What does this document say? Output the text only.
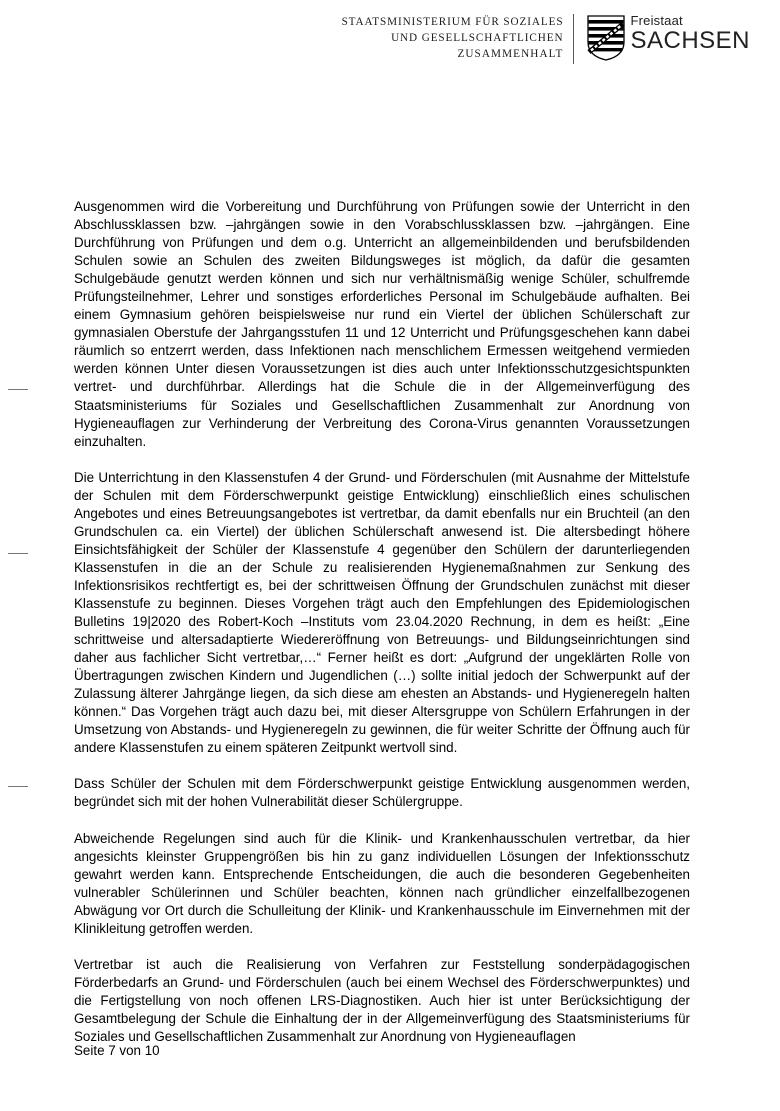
STAATSMINISTERIUM FÜR SOZIALES
UND GESELLSCHAFTLICHEN
ZUSAMMENHALT
Freistaat
SACHSEN

Ausgenommen wird die Vorbereitung und Durchführung von Prüfungen sowie der Unterricht in den Abschlussklassen bzw. –jahrgängen sowie in den Vorabschlussklassen bzw. –jahrgängen. Eine Durchführung von Prüfungen und dem o.g. Unterricht an allgemeinbildenden und berufsbildenden Schulen sowie an Schulen des zweiten Bildungsweges ist möglich, da dafür die gesamten Schulgebäude genutzt werden können und sich nur verhältnismäßig wenige Schüler, schulfremde Prüfungsteilnehmer, Lehrer und sonstiges erforderliches Personal im Schulgebäude aufhalten. Bei einem Gymnasium gehören beispielsweise nur rund ein Viertel der üblichen Schülerschaft zur gymnasialen Oberstufe der Jahrgangsstufen 11 und 12 Unterricht und Prüfungsgeschehen kann dabei räumlich so entzerrt werden, dass Infektionen nach menschlichem Ermessen weitgehend vermieden werden können Unter diesen Voraussetzungen ist dies auch unter Infektionsschutzgesichtspunkten vertret- und durchführbar. Allerdings hat die Schule die in der Allgemeinverfügung des Staatsministeriums für Soziales und Gesellschaftlichen Zusammenhalt zur Anordnung von Hygieneauflagen zur Verhinderung der Verbreitung des Corona-Virus genannten Voraussetzungen einzuhalten.

Die Unterrichtung in den Klassenstufen 4 der Grund- und Förderschulen (mit Ausnahme der Mittelstufe der Schulen mit dem Förderschwerpunkt geistige Entwicklung) einschließlich eines schulischen Angebotes und eines Betreuungsangebotes ist vertretbar, da damit ebenfalls nur ein Bruchteil (an den Grundschulen ca. ein Viertel) der üblichen Schülerschaft anwesend ist. Die altersbedingt höhere Einsichtsfähigkeit der Schüler der Klassenstufe 4 gegenüber den Schülern der darunterliegenden Klassenstufen in die an der Schule zu realisierenden Hygienemaßnahmen zur Senkung des Infektionsrisikos rechtfertigt es, bei der schrittweisen Öffnung der Grundschulen zunächst mit dieser Klassenstufe zu beginnen. Dieses Vorgehen trägt auch den Empfehlungen des Epidemiologischen Bulletins 19|2020 des Robert-Koch –Instituts vom 23.04.2020 Rechnung, in dem es heißt: „Eine schrittweise und altersadaptierte Wiedereröffnung von Betreuungs- und Bildungseinrichtungen sind daher aus fachlicher Sicht vertretbar,…“ Ferner heißt es dort: „Aufgrund der ungeklärten Rolle von Übertragungen zwischen Kindern und Jugendlichen (…) sollte initial jedoch der Schwerpunkt auf der Zulassung älterer Jahrgänge liegen, da sich diese am ehesten an Abstands- und Hygieneregeln halten können.“ Das Vorgehen trägt auch dazu bei, mit dieser Altersgruppe von Schülern Erfahrungen in der Umsetzung von Abstands- und Hygieneregeln zu gewinnen, die für weiter Schritte der Öffnung auch für andere Klassenstufen zu einem späteren Zeitpunkt wertvoll sind.

Dass Schüler der Schulen mit dem Förderschwerpunkt geistige Entwicklung ausgenommen werden, begründet sich mit der hohen Vulnerabilität dieser Schülergruppe.

Abweichende Regelungen sind auch für die Klinik- und Krankenhausschulen vertretbar, da hier angesichts kleinster Gruppengrößen bis hin zu ganz individuellen Lösungen der Infektionsschutz gewahrt werden kann. Entsprechende Entscheidungen, die auch die besonderen Gegebenheiten vulnerabler Schülerinnen und Schüler beachten, können nach gründlicher einzelfallbezogenen Abwägung vor Ort durch die Schulleitung der Klinik- und Krankenhausschule im Einvernehmen mit der Klinikleitung getroffen werden.

Vertretbar ist auch die Realisierung von Verfahren zur Feststellung sonderpädagogischen Förderbedarfs an Grund- und Förderschulen (auch bei einem Wechsel des Förderschwerpunktes) und die Fertigstellung von noch offenen LRS-Diagnostiken. Auch hier ist unter Berücksichtigung der Gesamtbelegung der Schule die Einhaltung der in der Allgemeinverfügung des Staatsministeriums für Soziales und Gesellschaftlichen Zusammenhalt zur Anordnung von Hygieneauflagen

Seite 7 von 10
